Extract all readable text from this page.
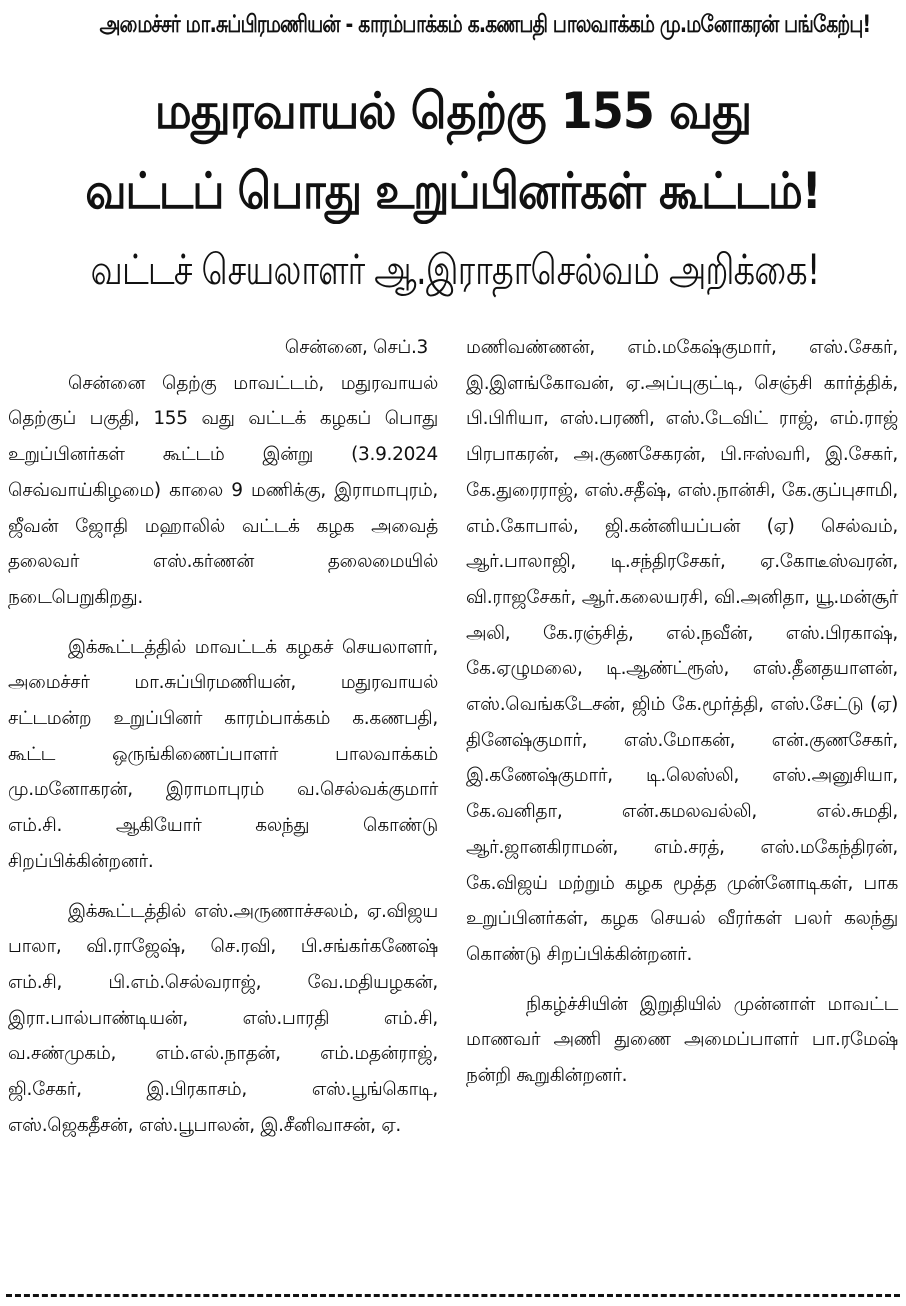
அமைச்சர் மா.சுப்பிரமணியன் - காரம்பாக்கம் க.கணபதி பாலவாக்கம் மு.மனோகரன் பங்கேற்பு!
மதுரவாயல் தெற்கு 155 வது
வட்டப் பொது உறுப்பினர்கள் கூட்டம்!
வட்டச் செயலாளர் ஆ.இராதாசெல்வம் அறிக்கை!

சென்னை, செப்.3

சென்னை தெற்கு மாவட்டம், மதுரவாயல் தெற்குப் பகுதி, 155 வது வட்டக் கழகப் பொது உறுப்பினர்கள் கூட்டம் இன்று (3.9.2024 செவ்வாய்கிழமை) காலை 9 மணிக்கு, இராமாபுரம், ஜீவன் ஜோதி மஹாலில் வட்டக் கழக அவைத் தலைவர் எஸ்.கர்ணன் தலைமையில் நடைபெறுகிறது.

இக்கூட்டத்தில் மாவட்டக் கழகச் செயலாளர், அமைச்சர் மா.சுப்பிரமணியன், மதுரவாயல் சட்டமன்ற உறுப்பினர் காரம்பாக்கம் க.கணபதி, கூட்ட ஒருங்கிணைப்பாளர் பாலவாக்கம் மு.மனோகரன், இராமாபுரம் வ.செல்வக்குமார் எம்.சி. ஆகியோர் கலந்து கொண்டு சிறப்பிக்கின்றனர்.

இக்கூட்டத்தில் எஸ்.அருணாச்சலம், ஏ.விஜய பாலா, வி.ராஜேஷ், செ.ரவி, பி.சங்கர்கணேஷ் எம்.சி, பி.எம்.செல்வராஜ், வே.மதியழகன், இரா.பால்பாண்டியன், எஸ்.பாரதி எம்.சி, வ.சண்முகம், எம்.எல்.நாதன், எம்.மதன்ராஜ், ஜி.சேகர், இ.பிரகாசம், எஸ்.பூங்கொடி, எஸ்.ஜெகதீசன், எஸ்.பூபாலன், இ.சீனிவாசன், ஏ.

மணிவண்ணன், எம்.மகேஷ்குமார், எஸ்.சேகர், இ.இளங்கோவன், ஏ.அப்புகுட்டி, செஞ்சி கார்த்திக், பி.பிரியா, எஸ்.பரணி, எஸ்.டேவிட் ராஜ், எம்.ராஜ் பிரபாகரன், அ.குணசேகரன், பி.ஈஸ்வரி, இ.சேகர், கே.துரைராஜ், எஸ்.சதீஷ், எஸ்.நான்சி, கே.குப்புசாமி, எம்.கோபால், ஜி.கன்னியப்பன் (ஏ) செல்வம், ஆர்.பாலாஜி, டி.சந்திரசேகர், ஏ.கோடீஸ்வரன், வி.ராஜசேகர், ஆர்.கலையரசி, வி.அனிதா, யூ.மன்சூர் அலி, கே.ரஞ்சித், எல்.நவீன், எஸ்.பிரகாஷ், கே.ஏழுமலை, டி.ஆண்ட்ரூஸ், எஸ்.தீனதயாளன், எஸ்.வெங்கடேசன், ஜிம் கே.மூர்த்தி, எஸ்.சேட்டு (ஏ) தினேஷ்குமார், எஸ்.மோகன், என்.குணசேகர், இ.கணேஷ்குமார், டி.லெஸ்லி, எஸ்.அனுசியா, கே.வனிதா, என்.கமலவல்லி, எல்.சுமதி, ஆர்.ஜானகிராமன், எம்.சரத், எஸ்.மகேந்திரன், கே.விஜய் மற்றும் கழக மூத்த முன்னோடிகள், பாக உறுப்பினர்கள், கழக செயல் வீரர்கள் பலர் கலந்து கொண்டு சிறப்பிக்கின்றனர்.

நிகழ்ச்சியின் இறுதியில் முன்னாள் மாவட்ட மாணவர் அணி துணை அமைப்பாளர் பா.ரமேஷ் நன்றி கூறுகின்றனர்.
